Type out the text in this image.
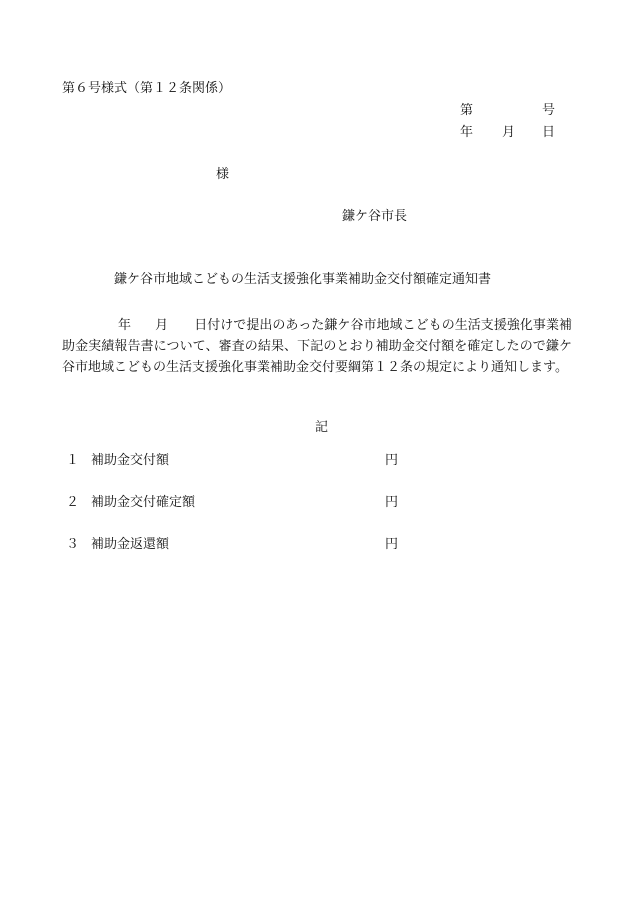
第６号様式（第１２条関係）
第	号
年 月 日
様
鎌ケ谷市長
鎌ケ谷市地域こどもの生活支援強化事業補助金交付額確定通知書

年 月 日付けで提出のあった鎌ケ谷市地域こどもの生活支援強化事業補助金実績報告書について、審査の結果、下記のとおり補助金交付額を確定したので鎌ケ谷市地域こどもの生活支援強化事業補助金交付要綱第１２条の規定により通知します。

記
１ 補助金交付額	円
２ 補助金交付確定額	円
３ 補助金返還額	円
